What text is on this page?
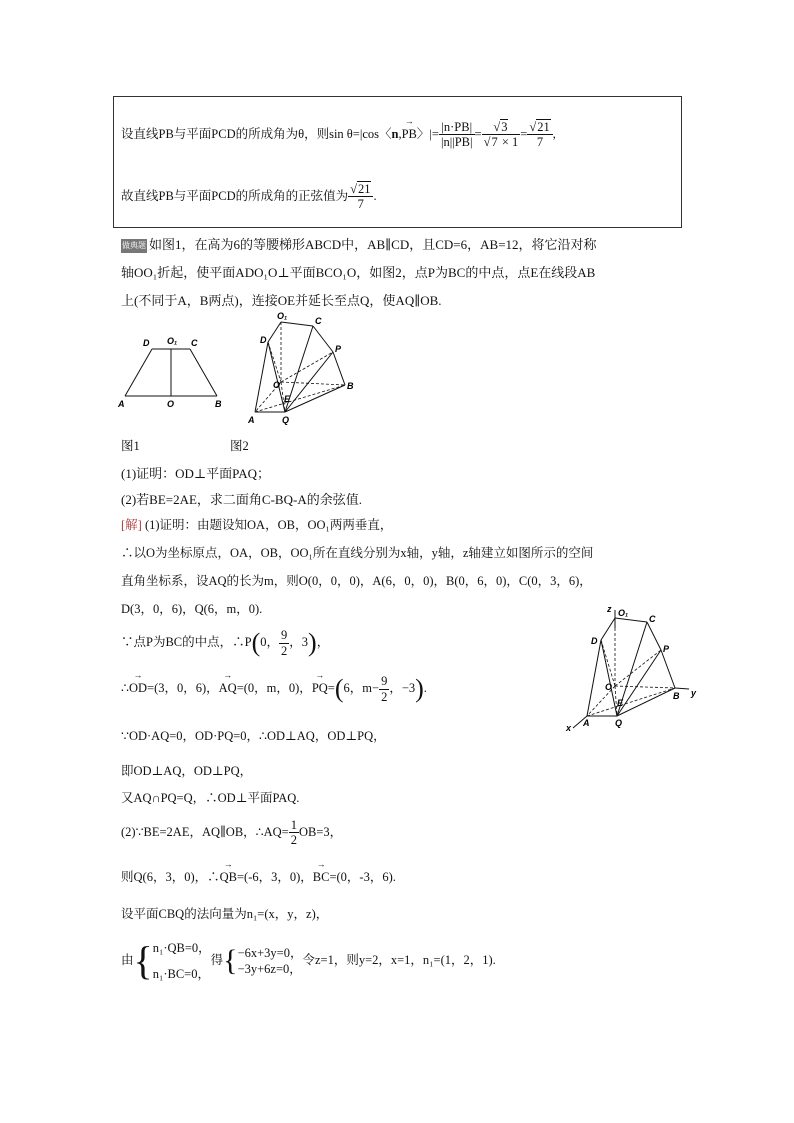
设直线PB与平面PCD的所成角为θ，则sin θ=|cos〈n,→ PB〉|= $\frac{|n\cdot PB|}{|n||PB|} = \frac{√3}{√7 \times 1} = \frac{√21}{7}$ ,
故直线PB与平面PCD的所成角的正弦值为 $\frac{√21}{7}$ .
做典题 如图1，在高为6的等腰梯形ABCD中，AB∥CD，且CD=6，AB=12，将它沿对称
轴OO₁折起，使平面ADO₁O⊥平面BCO₁O，如图2，点P为BC的中点，点E在线段AB
上(不同于A，B两点)，连接OE并延长至点Q，使AQ∥OB.
D O₁ C
A	O	B
O₁	C
D
P
O	B
E
A	Q
图1	图2
(1)证明：OD⊥平面PAQ；
(2)若BE=2AE，求二面角C-BQ-A的余弦值.
[解] (1)证明：由题设知OA，OB，OO₁两两垂直，
∴以O为坐标原点，OA，OB，OO₁所在直线分别为x轴，y轴，z轴建立如图所示的空间
直角坐标系，设AQ的长为m，则O(0，0，0)，A(6，0，0)，B(0，6，0)，C(0，3，6)，
D(3，0，6)，Q(6，m，0).
∵点P为BC的中点，∴P(0， $\frac{9}{2}$ ，3)，
∴→ OD=(3，0，6)，→ AQ=(0，m，0)，→ PQ=(6，$m- \frac{9}{2}$ ，−3).
∵OD·AQ=0，OD·PQ=0，∴OD⊥AQ，OD⊥PQ，
即OD⊥AQ，OD⊥PQ，
又AQ∩PQ=Q，∴OD⊥平面PAQ.
(2)∵BE=2AE，AQ∥OB，∴AQ= $\frac{1}{2} OB=3$，
则Q(6，3，0)，∴→ QB=(-6，3，0)，→ BC=(0，-3，6).
设平面CBQ的法向量为n₁=(x，y，z)，
由{ n₁·QB=0，
n₁·BC=0，
得{ −6x+3y=0，
−3y+6z=0，
令z=1，则y=2，x=1，n₁=(1，2，1).
z O₁
C
D
P
O
B y
E
A	Q
x
